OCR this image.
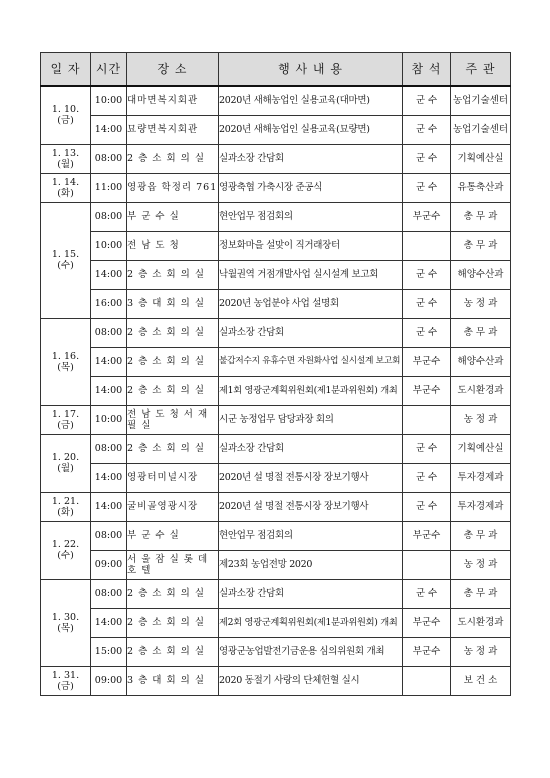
일 자	시간	장 소	행 사 내 용	참 석	주 관

1. 10.
(금)	10:00	대마면복지회관	2020년 새해농업인 실용교육(대마면)	군 수	농업기술센터
	14:00	묘량면복지회관	2020년 새해농업인 실용교육(묘량면)	군 수	농업기술센터

1. 13.
(월)	08:00	2 층 소 회 의 실	실과소장 간담회	군 수	기획예산실

1. 14.
(화)	11:00	영광읍 학정리 761	영광축협 가축시장 준공식	군 수	유통축산과

1. 15.
(수)	08:00	부 군 수 실	현안업무 점검회의	부군수	총 무 과
	10:00	전 남 도 청	정보화마을 설맞이 직거래장터		총 무 과
	14:00	2 층 소 회 의 실	낙월권역 거점개발사업 실시설계 보고회	군 수	해양수산과
	16:00	3 층 대 회 의 실	2020년 농업분야 사업 설명회	군 수	농 정 과

1. 16.
(목)	08:00	2 층 소 회 의 실	실과소장 간담회	군 수	총 무 과
	14:00	2 층 소 회 의 실	불갑저수지 유휴수면 자원화사업 실시설계 보고회	부군수	해양수산과
	14:00	2 층 소 회 의 실	제1회 영광군계획위원회(제1분과위원회) 개최	부군수	도시환경과

1. 17.
(금)	10:00	전 남 도 청 서 재 필 실	시군 농정업무 담당과장 회의		농 정 과

1. 20.
(월)	08:00	2 층 소 회 의 실	실과소장 간담회	군 수	기획예산실
	14:00	영광터미널시장	2020년 설 명절 전통시장 장보기행사	군 수	투자경제과

1. 21.
(화)	14:00	굴비골영광시장	2020년 설 명절 전통시장 장보기행사	군 수	투자경제과

1. 22.
(수)	08:00	부 군 수 실	현안업무 점검회의	부군수	총 무 과
	09:00	서 울 잠 실 롯 데 호 텔	제23회 농업전망 2020		농 정 과

1. 30.
(목)	08:00	2 층 소 회 의 실	실과소장 간담회	군 수	총 무 과
	14:00	2 층 소 회 의 실	제2회 영광군계획위원회(제1분과위원회) 개최	부군수	도시환경과
	15:00	2 층 소 회 의 실	영광군농업발전기금운용 심의위원회 개최	부군수	농 정 과

1. 31.
(금)	09:00	3 층 대 회 의 실	2020 동절기 사랑의 단체헌혈 실시		보 건 소
